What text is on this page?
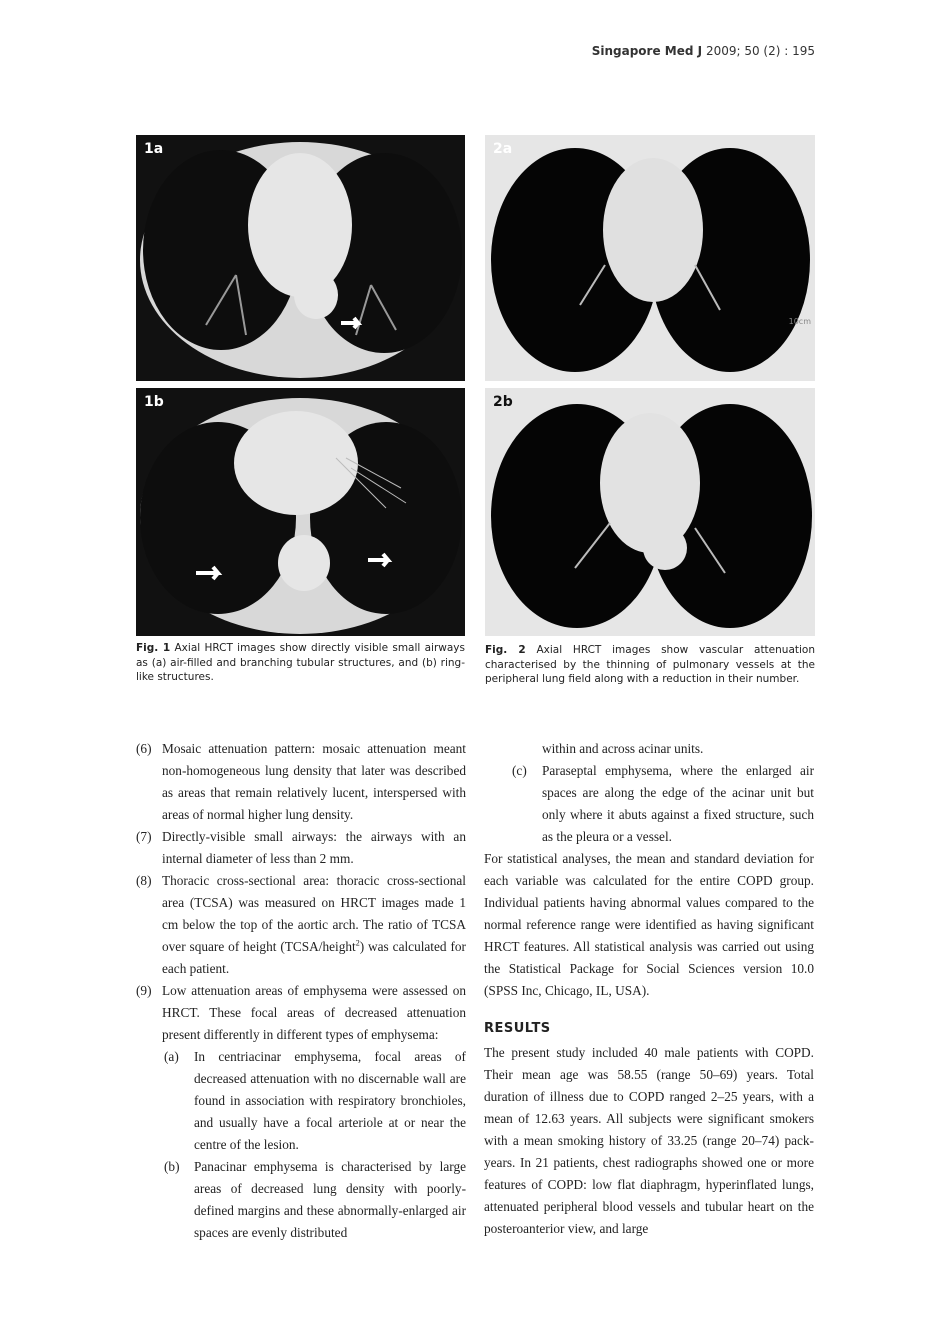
Singapore Med J 2009; 50 (2) : 195
1a
1b
2a
10cm
2b
Fig. 1 Axial HRCT images show directly visible small airways as (a) air-filled and branching tubular structures, and (b) ring-like structures.
Fig. 2 Axial HRCT images show vascular attenuation characterised by the thinning of pulmonary vessels at the peripheral lung field along with a reduction in their number.
(6) Mosaic attenuation pattern: mosaic attenuation meant non-homogeneous lung density that later was described as areas that remain relatively lucent, interspersed with areas of normal higher lung density.
(7) Directly-visible small airways: the airways with an internal diameter of less than 2 mm.
(8) Thoracic cross-sectional area: thoracic cross-sectional area (TCSA) was measured on HRCT images made 1 cm below the top of the aortic arch. The ratio of TCSA over square of height (TCSA/height$^2$) was calculated for each patient.
(9) Low attenuation areas of emphysema were assessed on HRCT. These focal areas of decreased attenuation present differently in different types of emphysema:
(a) In centriacinar emphysema, focal areas of decreased attenuation with no discernable wall are found in association with respiratory bronchioles, and usually have a focal arteriole at or near the centre of the lesion.
(b) Panacinar emphysema is characterised by large areas of decreased lung density with poorly-defined margins and these abnormally-enlarged air spaces are evenly distributed
within and across acinar units.
(c) Paraseptal emphysema, where the enlarged air spaces are along the edge of the acinar unit but only where it abuts against a fixed structure, such as the pleura or a vessel.
For statistical analyses, the mean and standard deviation for each variable was calculated for the entire COPD group. Individual patients having abnormal values compared to the normal reference range were identified as having significant HRCT features. All statistical analysis was carried out using the Statistical Package for Social Sciences version 10.0 (SPSS Inc, Chicago, IL, USA).
RESULTS
The present study included 40 male patients with COPD. Their mean age was 58.55 (range 50–69) years. Total duration of illness due to COPD ranged 2–25 years, with a mean of 12.63 years. All subjects were significant smokers with a mean smoking history of 33.25 (range 20–74) pack-years. In 21 patients, chest radiographs showed one or more features of COPD: low flat diaphragm, hyperinflated lungs, attenuated peripheral blood vessels and tubular heart on the posteroanterior view, and large
